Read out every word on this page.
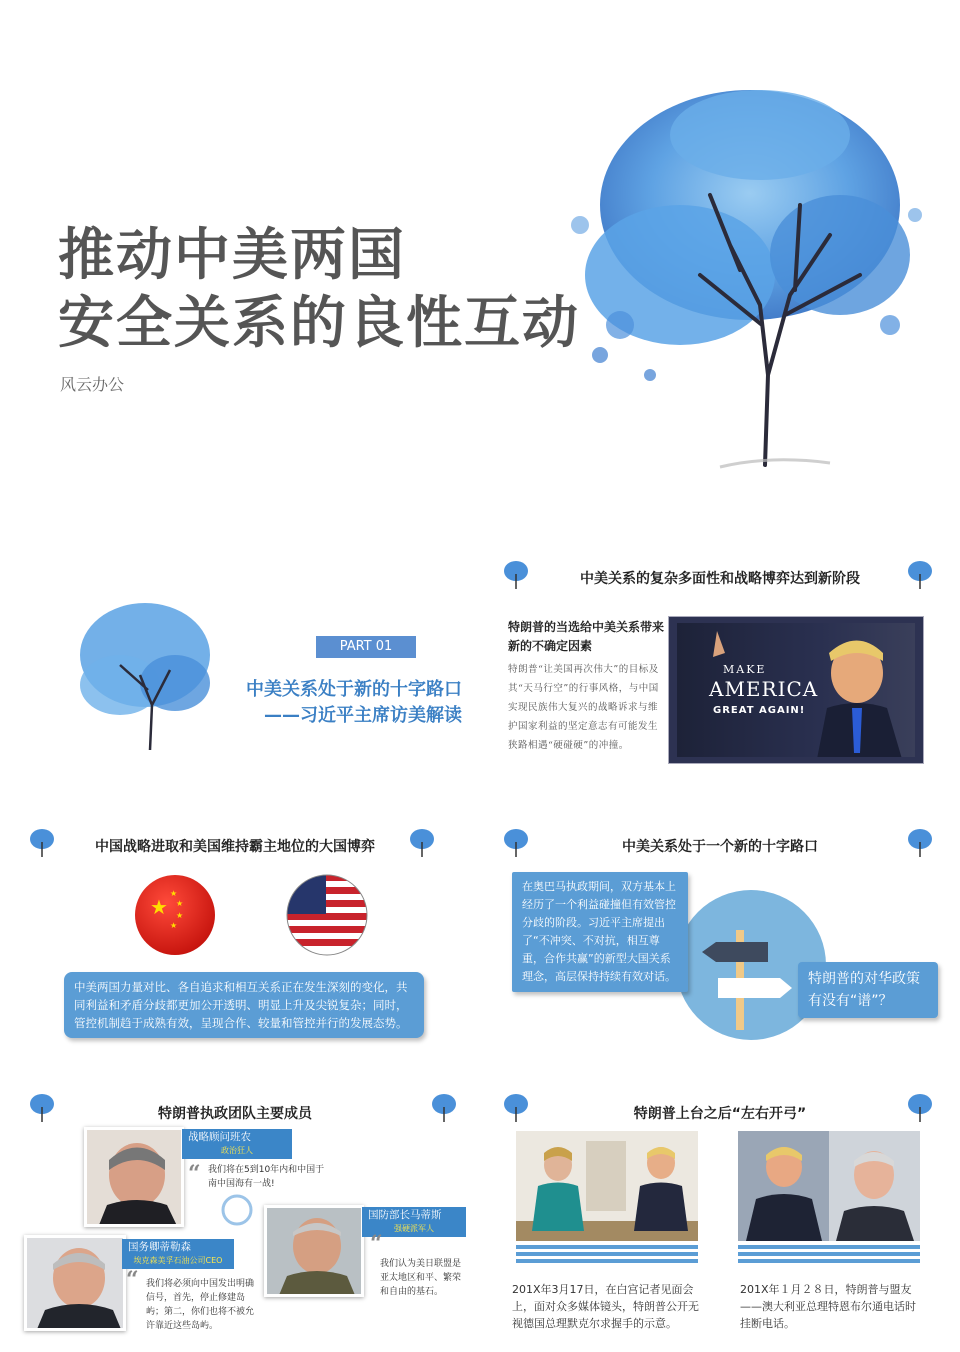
推动中美两国
安全关系的良性互动
风云办公
PART 01
中美关系处于新的十字路口
——习近平主席访美解读
中美关系的复杂多面性和战略博弈达到新阶段
特朗普的当选给中美关系带来新的不确定因素
特朗普“让美国再次伟大”的目标及其“天马行空”的行事风格，与中国实现民族伟大复兴的战略诉求与维护国家利益的坚定意志有可能发生狭路相遇“硬碰硬”的冲撞。
MAKE
AMERICA
GREAT AGAIN!
中国战略进取和美国维持霸主地位的大国博弈
★
★
★
★
★
中美两国力量对比、各自追求和相互关系正在发生深刻的变化，共同利益和矛盾分歧都更加公开透明、明显上升及尖锐复杂；同时，管控机制趋于成熟有效，呈现合作、较量和管控并行的发展态势。
中美关系处于一个新的十字路口
在奥巴马执政期间，双方基本上经历了一个利益碰撞但有效管控分歧的阶段。习近平主席提出了“不冲突、不对抗，相互尊重，合作共赢”的新型大国关系理念，高层保持持续有效对话。	特朗普的对华政策有没有“谱”？
特朗普执政团队主要成员
战略顾问班农
政治狂人
“ 我们将在5到10年内和中国于南中国海有一战!
国防部长马蒂斯
强硬派军人
“
我们认为美日联盟是亚太地区和平、繁荣和自由的基石。
国务卿蒂勒森
埃克森美孚石油公司CEO
“ 我们将必须向中国发出明确信号，首先，停止修建岛屿；第二，你们也将不被允许靠近这些岛屿。
特朗普上台之后“左右开弓”
201X年3月17日，在白宫记者见面会上，面对众多媒体镜头，特朗普公开无视德国总理默克尔求握手的示意。
201X年１月２８日，特朗普与盟友——澳大利亚总理特恩布尔通电话时挂断电话。
